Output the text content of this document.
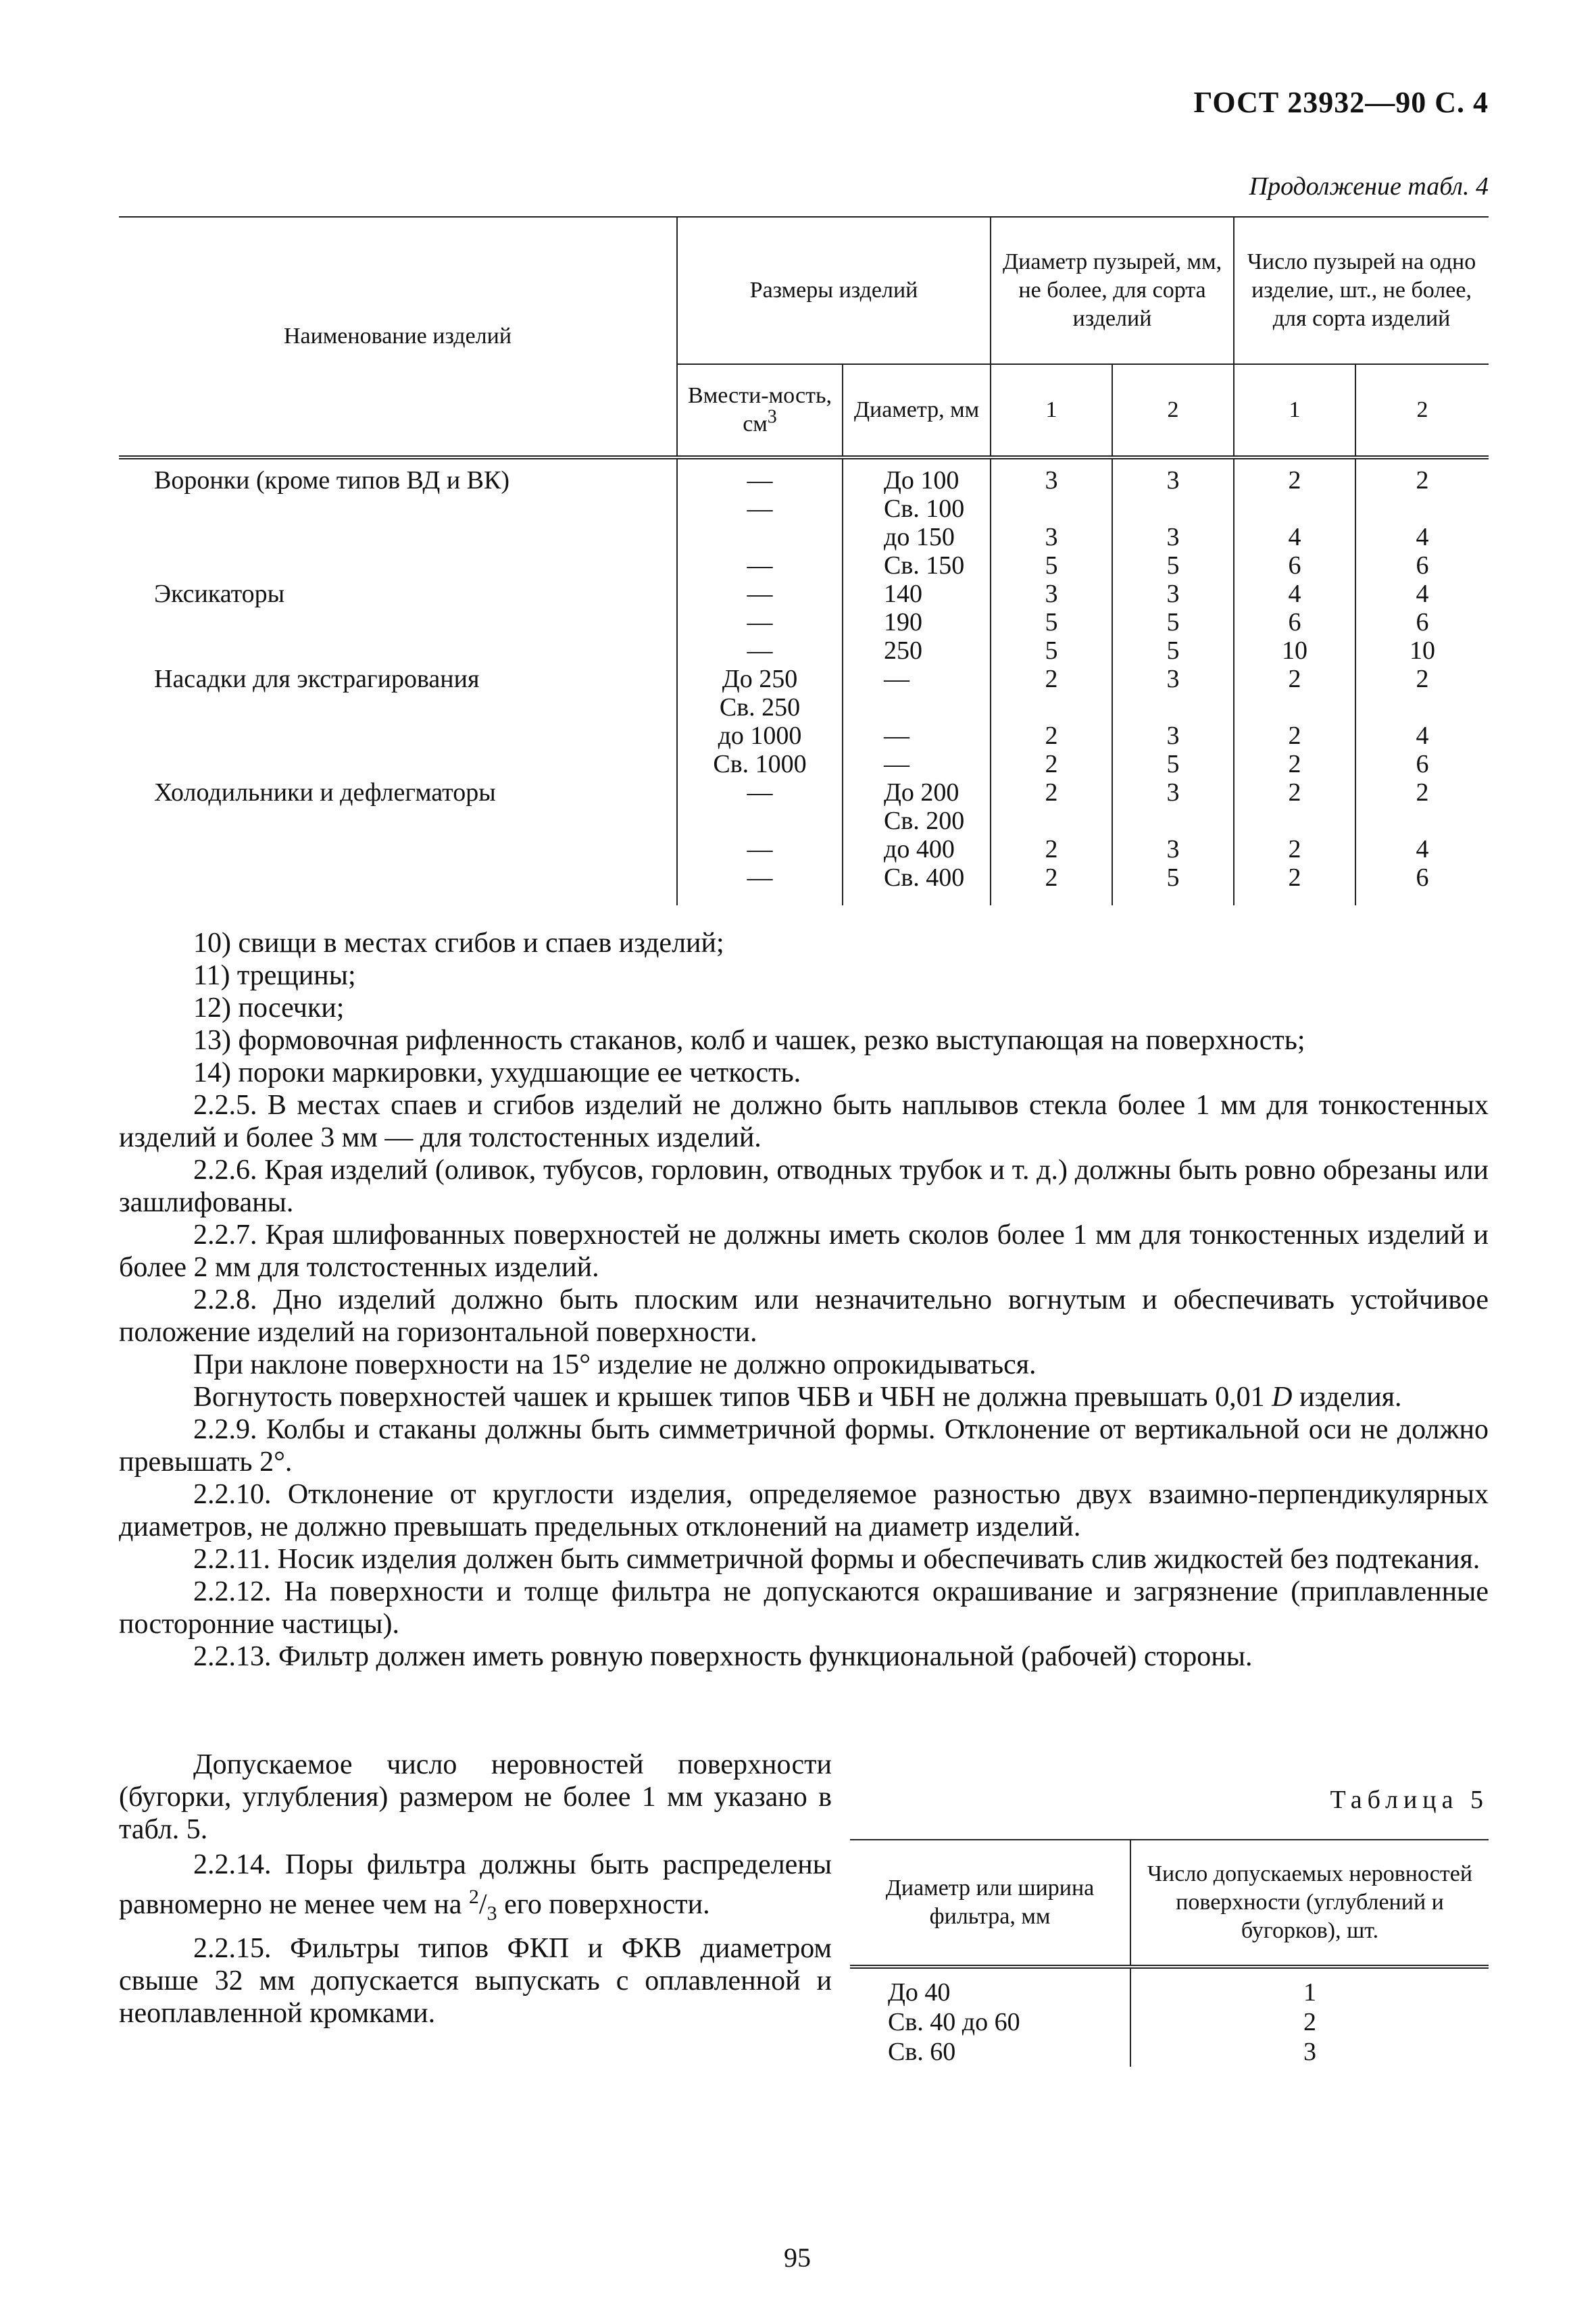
ГОСТ 23932—90 С. 4
Продолжение табл. 4
Наименование изделий	Размеры изделий		Диаметр пузырей, мм, не более, для сорта изделий		Число пузырей на одно изделие, шт., не более, для сорта изделий	
	Вмести-мость, $см^3$	Диаметр, мм	1	2	1	2
Воронки (кроме типов ВД и ВК)	—	До 100	3	3	2	2
	—	Св. 100				
		до 150	3	3	4	4
	—	Св. 150	5	5	6	6
Эксикаторы	—	140	3	3	4	4
	—	190	5	5	6	6
	—	250	5	5	10	10
Насадки для экстрагирования	До 250	—	2	3	2	2
	Св. 250					
	до 1000	—	2	3	2	4
	Св. 1000	—	2	5	2	6
Холодильники и дефлегматоры	—	До 200	2	3	2	2
		Св. 200				
	—	до 400	2	3	2	4
	—	Св. 400	2	5	2	6

10) свищи в местах сгибов и спаев изделий;

11) трещины;

12) посечки;

13) формовочная рифленность стаканов, колб и чашек, резко выступающая на поверхность;

14) пороки маркировки, ухудшающие ее четкость.

2.2.5. В местах спаев и сгибов изделий не должно быть наплывов стекла более 1 мм для тонкостенных изделий и более 3 мм — для толстостенных изделий.

2.2.6. Края изделий (оливок, тубусов, горловин, отводных трубок и т. д.) должны быть ровно обрезаны или зашлифованы.

2.2.7. Края шлифованных поверхностей не должны иметь сколов более 1 мм для тонкостенных изделий и более 2 мм для толстостенных изделий.

2.2.8. Дно изделий должно быть плоским или незначительно вогнутым и обеспечивать устойчивое положение изделий на горизонтальной поверхности.

При наклоне поверхности на 15° изделие не должно опрокидываться.

Вогнутость поверхностей чашек и крышек типов ЧБВ и ЧБН не должна превышать 0,01 D изделия.

2.2.9. Колбы и стаканы должны быть симметричной формы. Отклонение от вертикальной оси не должно превышать 2°.

2.2.10. Отклонение от круглости изделия, определяемое разностью двух взаимно-перпендикулярных диаметров, не должно превышать предельных отклонений на диаметр изделий.

2.2.11. Носик изделия должен быть симметричной формы и обеспечивать слив жидкостей без подтекания.

2.2.12. На поверхности и толще фильтра не допускаются окрашивание и загрязнение (приплавленные посторонние частицы).

2.2.13. Фильтр должен иметь ровную поверхность функциональной (рабочей) стороны.

Допускаемое число неровностей поверхности (бугорки, углубления) размером не более 1 мм указано в табл. 5.

2.2.14. Поры фильтра должны быть распределены равномерно не менее чем на $^2/_3$ его поверхности.

2.2.15. Фильтры типов ФКП и ФКВ диаметром свыше 32 мм допускается выпускать с оплавленной и неоплавленной кромками.

Таблица 5
Диаметр или ширина фильтра, мм	Число допускаемых неровностей поверхности (углублений и бугорков), шт.
До 40	1
Св. 40 до 60	2
Св. 60	3
95
